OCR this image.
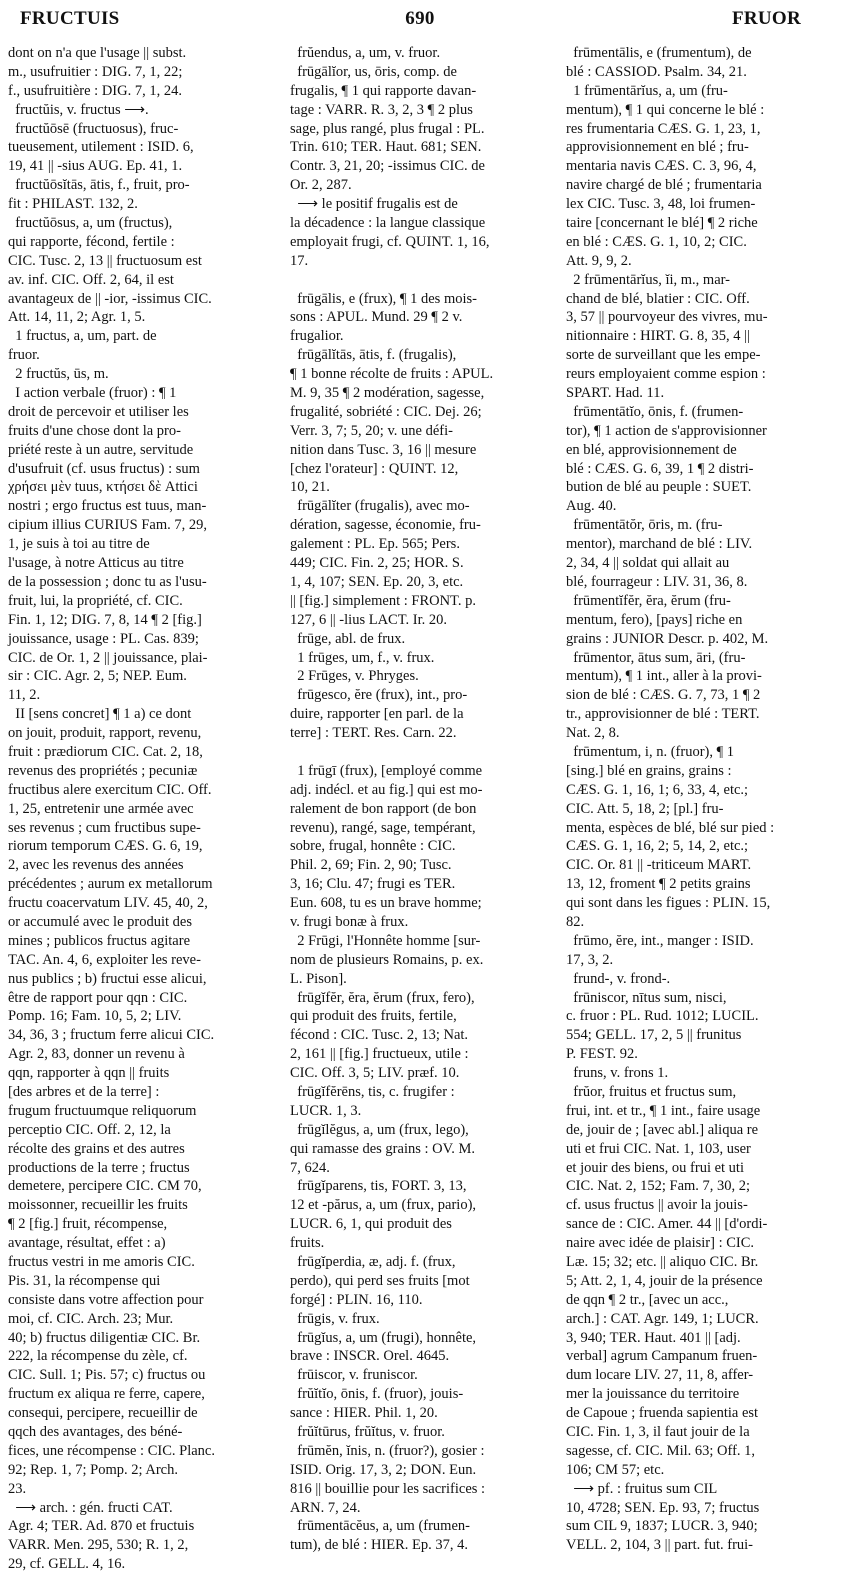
FRUCTUIS	690	FRUOR
dont on n'a que l'usage || subst.
m., usufruitier : DIG. 7, 1, 22;
f., usufruitière : DIG. 7, 1, 24.
fructŭis, v. fructus ⟶.
fructŭōsē (fructuosus), fruc-
tueusement, utilement : ISID. 6,
19, 41 || -sius AUG. Ep. 41, 1.
fructŭōsĭtās, ātis, f., fruit, pro-
fit : PHILAST. 132, 2.
fructŭōsus, a, um (fructus),
qui rapporte, fécond, fertile :
CIC. Tusc. 2, 13 || fructuosum est
av. inf. CIC. Off. 2, 64, il est
avantageux de || -ior, -issimus CIC.
Att. 14, 11, 2; Agr. 1, 5.
1 fructus, a, um, part. de
fruor.
2 fructŭs, ūs, m.
I action verbale (fruor) : ¶ 1
droit de percevoir et utiliser les
fruits d'une chose dont la pro-
priété reste à un autre, servitude
d'usufruit (cf. usus fructus) : sum
χρήσει μὲν tuus, κτήσει δὲ Attici
nostri ; ergo fructus est tuus, man-
cipium illius CURIUS Fam. 7, 29,
1, je suis à toi au titre de
l'usage, à notre Atticus au titre
de la possession ; donc tu as l'usu-
fruit, lui, la propriété, cf. CIC.
Fin. 1, 12; DIG. 7, 8, 14 ¶ 2 [fig.]
jouissance, usage : PL. Cas. 839;
CIC. de Or. 1, 2 || jouissance, plai-
sir : CIC. Agr. 2, 5; NEP. Eum.
11, 2.
II [sens concret] ¶ 1 a) ce dont
on jouit, produit, rapport, revenu,
fruit : prædiorum CIC. Cat. 2, 18,
revenus des propriétés ; pecuniæ
fructibus alere exercitum CIC. Off.
1, 25, entretenir une armée avec
ses revenus ; cum fructibus supe-
riorum temporum CÆS. G. 6, 19,
2, avec les revenus des années
précédentes ; aurum ex metallorum
fructu coacervatum LIV. 45, 40, 2,
or accumulé avec le produit des
mines ; publicos fructus agitare
TAC. An. 4, 6, exploiter les reve-
nus publics ; b) fructui esse alicui,
être de rapport pour qqn : CIC.
Pomp. 16; Fam. 10, 5, 2; LIV.
34, 36, 3 ; fructum ferre alicui CIC.
Agr. 2, 83, donner un revenu à
qqn, rapporter à qqn || fruits
[des arbres et de la terre] :
frugum fructuumque reliquorum
perceptio CIC. Off. 2, 12, la
récolte des grains et des autres
productions de la terre ; fructus
demetere, percipere CIC. CM 70,
moissonner, recueillir les fruits
¶ 2 [fig.] fruit, récompense,
avantage, résultat, effet : a)
fructus vestri in me amoris CIC.
Pis. 31, la récompense qui
consiste dans votre affection pour
moi, cf. CIC. Arch. 23; Mur.
40; b) fructus diligentiæ CIC. Br.
222, la récompense du zèle, cf.
CIC. Sull. 1; Pis. 57; c) fructus ou
fructum ex aliqua re ferre, capere,
consequi, percipere, recueillir de
qqch des avantages, des béné-
fices, une récompense : CIC. Planc.
92; Rep. 1, 7; Pomp. 2; Arch.
23.
⟶ arch. : gén. fructi CAT.
Agr. 4; TER. Ad. 870 et fructuis
VARR. Men. 295, 530; R. 1, 2,
29, cf. GELL. 4, 16.
frŭendus, a, um, v. fruor.
frūgālĭor, us, ōris, comp. de
frugalis, ¶ 1 qui rapporte davan-
tage : VARR. R. 3, 2, 3 ¶ 2 plus
sage, plus rangé, plus frugal : PL.
Trin. 610; TER. Haut. 681; SEN.
Contr. 3, 21, 20; -issimus CIC. de
Or. 2, 287.
⟶ le positif frugalis est de
la décadence : la langue classique
employait frugi, cf. QUINT. 1, 16,
17.
frūgālis, e (frux), ¶ 1 des mois-
sons : APUL. Mund. 29 ¶ 2 v.
frugalior.
frūgālĭtās, ātis, f. (frugalis),
¶ 1 bonne récolte de fruits : APUL.
M. 9, 35 ¶ 2 modération, sagesse,
frugalité, sobriété : CIC. Dej. 26;
Verr. 3, 7; 5, 20; v. une défi-
nition dans Tusc. 3, 16 || mesure
[chez l'orateur] : QUINT. 12,
10, 21.
frūgālĭter (frugalis), avec mo-
dération, sagesse, économie, fru-
galement : PL. Ep. 565; Pers.
449; CIC. Fin. 2, 25; HOR. S.
1, 4, 107; SEN. Ep. 20, 3, etc.
|| [fig.] simplement : FRONT. p.
127, 6 || -lius LACT. Ir. 20.
frūge, abl. de frux.
1 frūges, um, f., v. frux.
2 Frūges, v. Phryges.
frūgesco, ĕre (frux), int., pro-
duire, rapporter [en parl. de la
terre] : TERT. Res. Carn. 22.
1 frūgī (frux), [employé comme
adj. indécl. et au fig.] qui est mo-
ralement de bon rapport (de bon
revenu), rangé, sage, tempérant,
sobre, frugal, honnête : CIC.
Phil. 2, 69; Fin. 2, 90; Tusc.
3, 16; Clu. 47; frugi es TER.
Eun. 608, tu es un brave homme;
v. frugi bonæ à frux.
2 Frūgi, l'Honnête homme [sur-
nom de plusieurs Romains, p. ex.
L. Pison].
frūgĭfĕr, ĕra, ĕrum (frux, fero),
qui produit des fruits, fertile,
fécond : CIC. Tusc. 2, 13; Nat.
2, 161 || [fig.] fructueux, utile :
CIC. Off. 3, 5; LIV. præf. 10.
frūgĭfĕrēns, tis, c. frugifer :
LUCR. 1, 3.
frūgĭlĕgus, a, um (frux, lego),
qui ramasse des grains : OV. M.
7, 624.
frūgĭparens, tis, FORT. 3, 13,
12 et -părus, a, um (frux, pario),
LUCR. 6, 1, qui produit des
fruits.
frūgĭperdia, æ, adj. f. (frux,
perdo), qui perd ses fruits [mot
forgé] : PLIN. 16, 110.
frūgis, v. frux.
frūgĭus, a, um (frugi), honnête,
brave : INSCR. Orel. 4645.
frūiscor, v. fruniscor.
frŭĭtĭo, ōnis, f. (fruor), jouis-
sance : HIER. Phil. 1, 20.
frŭĭtūrus, frŭĭtus, v. fruor.
frūmĕn, ĭnis, n. (fruor?), gosier :
ISID. Orig. 17, 3, 2; DON. Eun.
816 || bouillie pour les sacrifices :
ARN. 7, 24.
frūmentācĕus, a, um (frumen-
tum), de blé : HIER. Ep. 37, 4.
frūmentālis, e (frumentum), de
blé : CASSIOD. Psalm. 34, 21.
1 frūmentārĭus, a, um (fru-
mentum), ¶ 1 qui concerne le blé :
res frumentaria CÆS. G. 1, 23, 1,
approvisionnement en blé ; fru-
mentaria navis CÆS. C. 3, 96, 4,
navire chargé de blé ; frumentaria
lex CIC. Tusc. 3, 48, loi frumen-
taire [concernant le blé] ¶ 2 riche
en blé : CÆS. G. 1, 10, 2; CIC.
Att. 9, 9, 2.
2 frūmentārĭus, ĭi, m., mar-
chand de blé, blatier : CIC. Off.
3, 57 || pourvoyeur des vivres, mu-
nitionnaire : HIRT. G. 8, 35, 4 ||
sorte de surveillant que les empe-
reurs employaient comme espion :
SPART. Had. 11.
frūmentātĭo, ōnis, f. (frumen-
tor), ¶ 1 action de s'approvisionner
en blé, approvisionnement de
blé : CÆS. G. 6, 39, 1 ¶ 2 distri-
bution de blé au peuple : SUET.
Aug. 40.
frūmentātŏr, ōris, m. (fru-
mentor), marchand de blé : LIV.
2, 34, 4 || soldat qui allait au
blé, fourrageur : LIV. 31, 36, 8.
frūmentĭfĕr, ĕra, ĕrum (fru-
mentum, fero), [pays] riche en
grains : JUNIOR Descr. p. 402, M.
frūmentor, ātus sum, āri, (fru-
mentum), ¶ 1 int., aller à la provi-
sion de blé : CÆS. G. 7, 73, 1 ¶ 2
tr., approvisionner de blé : TERT.
Nat. 2, 8.
frūmentum, i, n. (fruor), ¶ 1
[sing.] blé en grains, grains :
CÆS. G. 1, 16, 1; 6, 33, 4, etc.;
CIC. Att. 5, 18, 2; [pl.] fru-
menta, espèces de blé, blé sur pied :
CÆS. G. 1, 16, 2; 5, 14, 2, etc.;
CIC. Or. 81 || -triticeum MART.
13, 12, froment ¶ 2 petits grains
qui sont dans les figues : PLIN. 15,
82.
frūmo, ĕre, int., manger : ISID.
17, 3, 2.
frund-, v. frond-.
frūniscor, nītus sum, nisci,
c. fruor : PL. Rud. 1012; LUCIL.
554; GELL. 17, 2, 5 || frunitus
P. FEST. 92.
fruns, v. frons 1.
frŭor, fruitus et fructus sum,
frui, int. et tr., ¶ 1 int., faire usage
de, jouir de ; [avec abl.] aliqua re
uti et frui CIC. Nat. 1, 103, user
et jouir des biens, ou frui et uti
CIC. Nat. 2, 152; Fam. 7, 30, 2;
cf. usus fructus || avoir la jouis-
sance de : CIC. Amer. 44 || [d'ordi-
naire avec idée de plaisir] : CIC.
Læ. 15; 32; etc. || aliquo CIC. Br.
5; Att. 2, 1, 4, jouir de la présence
de qqn ¶ 2 tr., [avec un acc.,
arch.] : CAT. Agr. 149, 1; LUCR.
3, 940; TER. Haut. 401 || [adj.
verbal] agrum Campanum fruen-
dum locare LIV. 27, 11, 8, affer-
mer la jouissance du territoire
de Capoue ; fruenda sapientia est
CIC. Fin. 1, 3, il faut jouir de la
sagesse, cf. CIC. Mil. 63; Off. 1,
106; CM 57; etc.
⟶ pf. : fruitus sum CIL
10, 4728; SEN. Ep. 93, 7; fructus
sum CIL 9, 1837; LUCR. 3, 940;
VELL. 2, 104, 3 || part. fut. frui-
